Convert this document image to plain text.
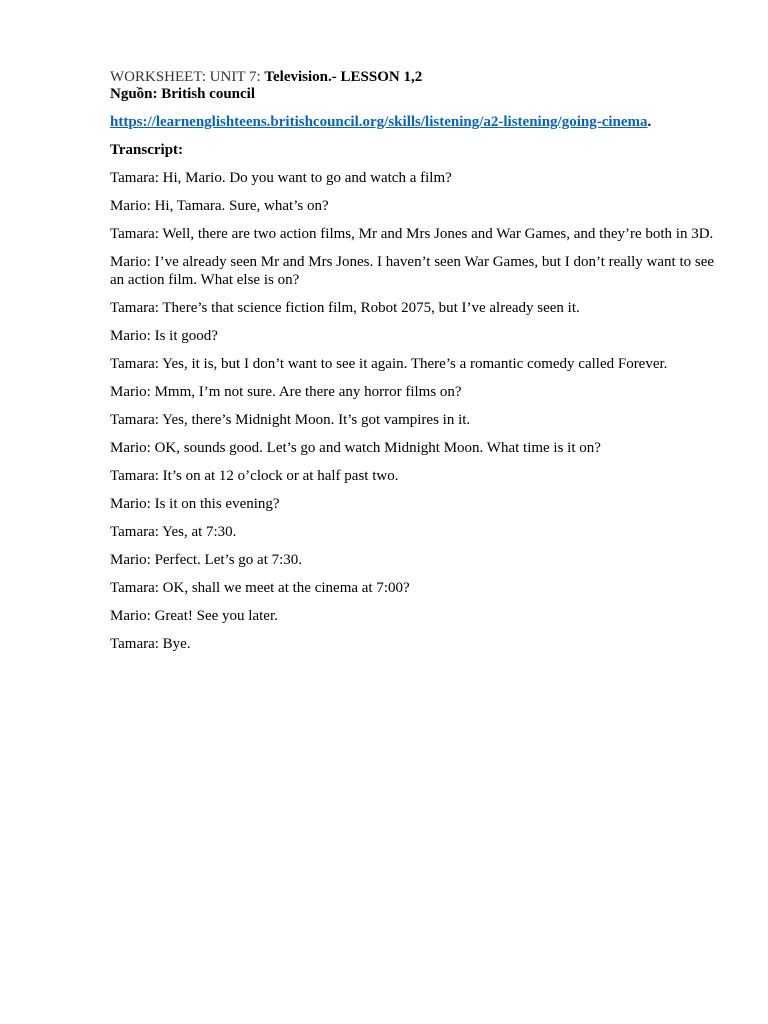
WORKSHEET: UNIT 7: Television.- LESSON 1,2

Nguồn: British council

https://learnenglishteens.britishcouncil.org/skills/listening/a2-listening/going-cinema.

Transcript:

Tamara: Hi, Mario. Do you want to go and watch a film?

Mario: Hi, Tamara. Sure, what’s on?

Tamara: Well, there are two action films, Mr and Mrs Jones and War Games, and they’re both in 3D.

Mario: I’ve already seen Mr and Mrs Jones. I haven’t seen War Games, but I don’t really want to see an action film. What else is on?

Tamara: There’s that science fiction film, Robot 2075, but I’ve already seen it.

Mario: Is it good?

Tamara: Yes, it is, but I don’t want to see it again. There’s a romantic comedy called Forever.

Mario: Mmm, I’m not sure. Are there any horror films on?

Tamara: Yes, there’s Midnight Moon. It’s got vampires in it.

Mario: OK, sounds good. Let’s go and watch Midnight Moon. What time is it on?

Tamara: It’s on at 12 o’clock or at half past two.

Mario: Is it on this evening?

Tamara: Yes, at 7:30.

Mario: Perfect. Let’s go at 7:30.

Tamara: OK, shall we meet at the cinema at 7:00?

Mario: Great! See you later.

Tamara: Bye.
